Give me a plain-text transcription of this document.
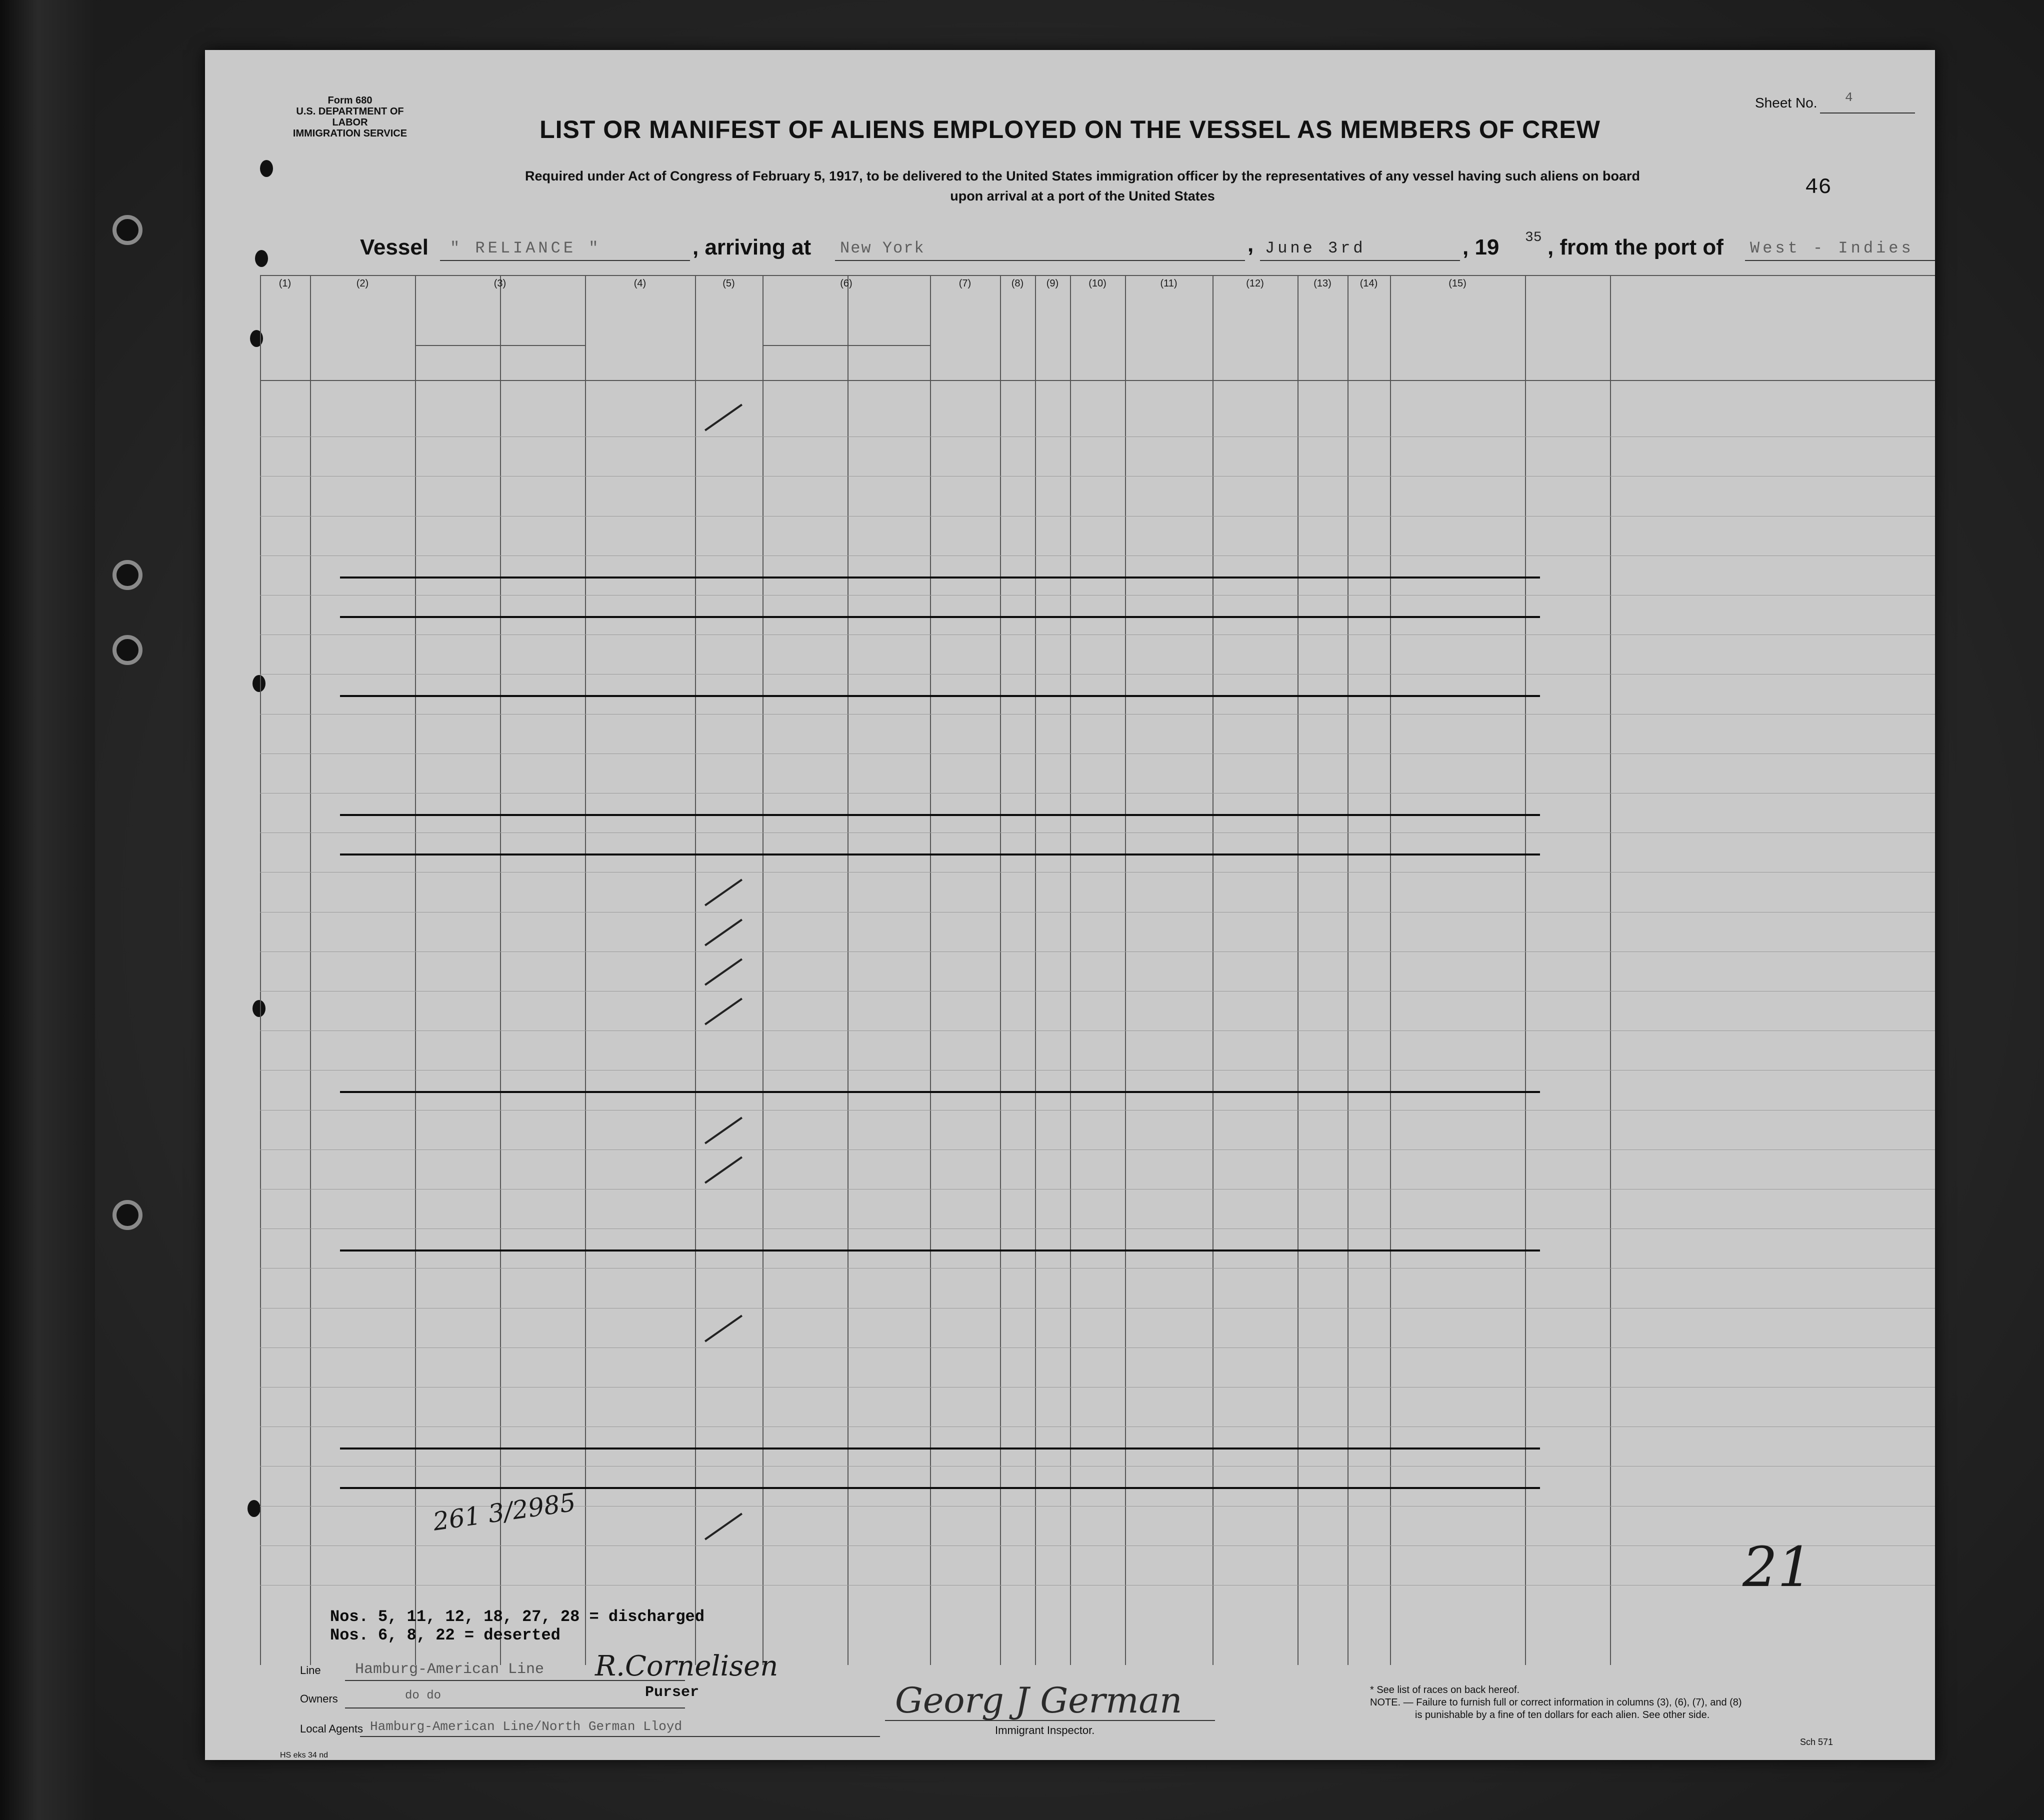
Form 680
U.S. DEPARTMENT OF LABOR
IMMIGRATION SERVICE	LIST OR MANIFEST OF ALIENS EMPLOYED ON THE VESSEL AS MEMBERS OF CREW
Sheet No. 4
Required under Act of Congress of February 5, 1917, to be delivered to the United States immigration officer by the representatives of any vessel having such aliens on board
upon arrival at a port of the United States	46
Vessel " RELIANCE "	, arriving at New York	, June 3rd	, 19 35 , from the port of West - Indies
(1)	(2)	(3)	(4)	(5)	(6)	(7)	(8)	(9)	(10)	(11)	(12)	(13)	(14)	(15)
Nos. 5, 11, 12, 18, 27, 28 = discharged
Nos. 6, 8, 22 = deserted
Line Hamburg-American Line R.Cornelisen
Purser
Owners	do do
Local Agents Hamburg-American Line/North German Lloyd
Georg J German
Immigrant Inspector.
* See list of races on back hereof.
NOTE. — Failure to furnish full or correct information in columns (3), (6), (7), and (8)
is punishable by a fine of ten dollars for each alien. See other side.
Sch 571
HS eks 34 nd
261 3/2985
21
